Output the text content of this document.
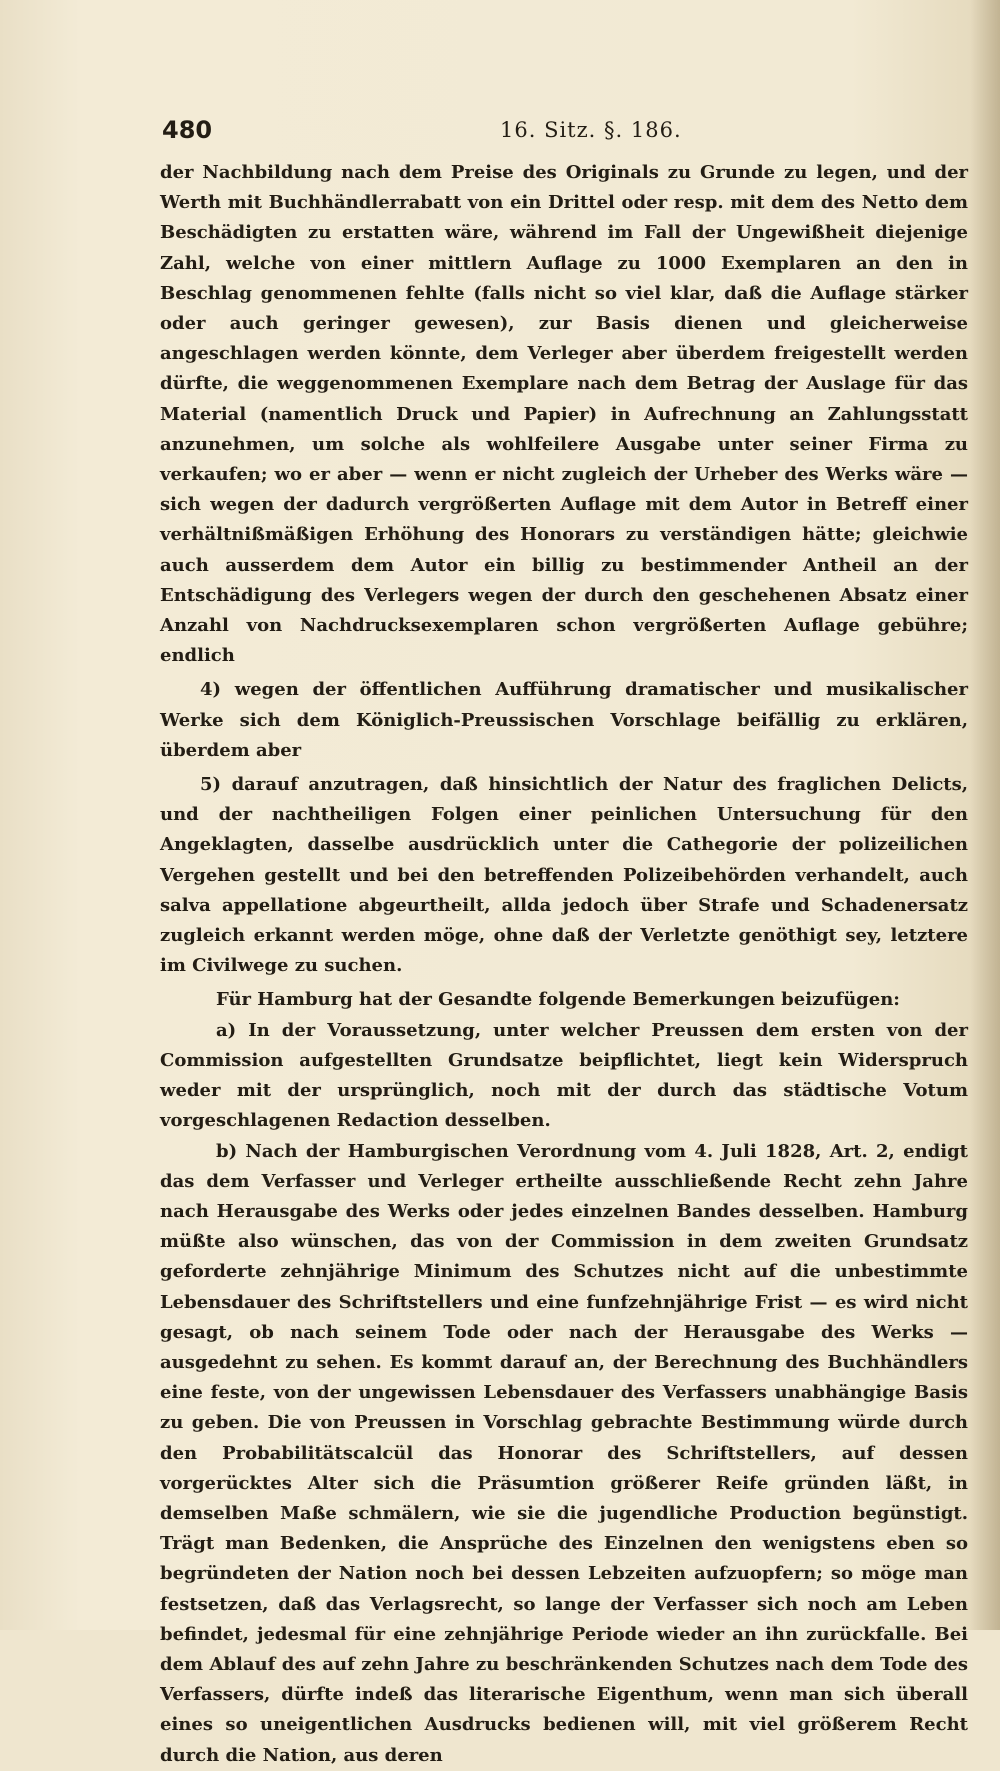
480	16. Sitz. §. 186.

der Nachbildung nach dem Preise des Originals zu Grunde zu legen, und der Werth mit Buchhändlerrabatt von ein Drittel oder resp. mit dem des Netto dem Beschädigten zu erstatten wäre, während im Fall der Ungewißheit diejenige Zahl, welche von einer mittlern Auflage zu 1000 Exemplaren an den in Beschlag genommenen fehlte (falls nicht so viel klar, daß die Auflage stärker oder auch geringer gewesen), zur Basis dienen und gleicherweise angeschlagen werden könnte, dem Verleger aber überdem freigestellt werden dürfte, die weggenommenen Exemplare nach dem Betrag der Auslage für das Material (namentlich Druck und Papier) in Aufrechnung an Zahlungsstatt anzunehmen, um solche als wohlfeilere Ausgabe unter seiner Firma zu verkaufen; wo er aber — wenn er nicht zugleich der Urheber des Werks wäre — sich wegen der dadurch vergrößerten Auflage mit dem Autor in Betreff einer verhältnißmäßigen Erhöhung des Honorars zu verständigen hätte; gleichwie auch ausserdem dem Autor ein billig zu bestimmender Antheil an der Entschädigung des Verlegers wegen der durch den geschehenen Absatz einer Anzahl von Nachdrucksexemplaren schon vergrößerten Auflage gebühre; endlich

4) wegen der öffentlichen Aufführung dramatischer und musikalischer Werke sich dem Königlich-Preussischen Vorschlage beifällig zu erklären, überdem aber

5) darauf anzutragen, daß hinsichtlich der Natur des fraglichen Delicts, und der nachtheiligen Folgen einer peinlichen Untersuchung für den Angeklagten, dasselbe ausdrücklich unter die Cathegorie der polizeilichen Vergehen gestellt und bei den betreffenden Polizeibehörden verhandelt, auch salva appellatione abgeurtheilt, allda jedoch über Strafe und Schadenersatz zugleich erkannt werden möge, ohne daß der Verletzte genöthigt sey, letztere im Civilwege zu suchen.

Für Hamburg hat der Gesandte folgende Bemerkungen beizufügen:

a) In der Voraussetzung, unter welcher Preussen dem ersten von der Commission aufgestellten Grundsatze beipflichtet, liegt kein Widerspruch weder mit der ursprünglich, noch mit der durch das städtische Votum vorgeschlagenen Redaction desselben.

b) Nach der Hamburgischen Verordnung vom 4. Juli 1828, Art. 2, endigt das dem Verfasser und Verleger ertheilte ausschließende Recht zehn Jahre nach Herausgabe des Werks oder jedes einzelnen Bandes desselben. Hamburg müßte also wünschen, das von der Commission in dem zweiten Grundsatz geforderte zehnjährige Minimum des Schutzes nicht auf die unbestimmte Lebensdauer des Schriftstellers und eine funfzehnjährige Frist — es wird nicht gesagt, ob nach seinem Tode oder nach der Herausgabe des Werks — ausgedehnt zu sehen. Es kommt darauf an, der Berechnung des Buchhändlers eine feste, von der ungewissen Lebensdauer des Verfassers unabhängige Basis zu geben. Die von Preussen in Vorschlag gebrachte Bestimmung würde durch den Probabilitätscalcül das Honorar des Schriftstellers, auf dessen vorgerücktes Alter sich die Präsumtion größerer Reife gründen läßt, in demselben Maße schmälern, wie sie die jugendliche Production begünstigt. Trägt man Bedenken, die Ansprüche des Einzelnen den wenigstens eben so begründeten der Nation noch bei dessen Lebzeiten aufzuopfern; so möge man festsetzen, daß das Verlagsrecht, so lange der Verfasser sich noch am Leben befindet, jedesmal für eine zehnjährige Periode wieder an ihn zurückfalle. Bei dem Ablauf des auf zehn Jahre zu beschränkenden Schutzes nach dem Tode des Verfassers, dürfte indeß das literarische Eigenthum, wenn man sich überall eines so uneigentlichen Ausdrucks bedienen will, mit viel größerem Recht durch die Nation, aus deren
